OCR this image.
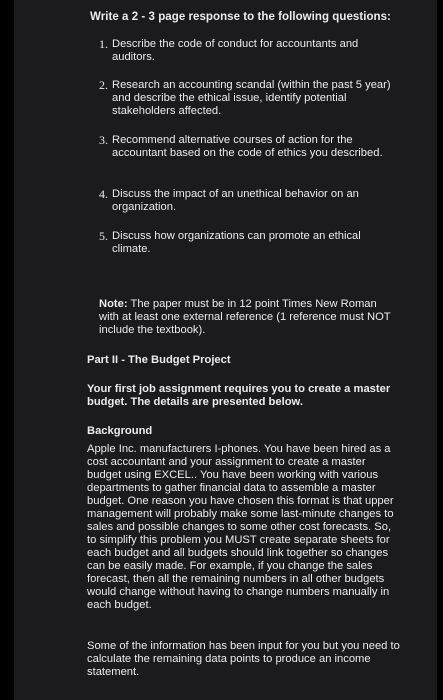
Write a 2 - 3 page response to the following questions:
1. Describe the code of conduct for accountants and auditors.
2. Research an accounting scandal (within the past 5 year) and describe the ethical issue, identify potential stakeholders affected.
3. Recommend alternative courses of action for the accountant based on the code of ethics you described.
4. Discuss the impact of an unethical behavior on an organization.
5. Discuss how organizations can promote an ethical climate.
Note: The paper must be in 12 point Times New Roman with at least one external reference (1 reference must NOT include the textbook).
Part II - The Budget Project
Your first job assignment requires you to create a master budget. The details are presented below.
Background
Apple Inc. manufacturers I-phones. You have been hired as a cost accountant and your assignment to create a master budget using EXCEL.. You have been working with various departments to gather financial data to assemble a master budget. One reason you have chosen this format is that upper management will probably make some last-minute changes to sales and possible changes to some other cost forecasts. So, to simplify this problem you MUST create separate sheets for each budget and all budgets should link together so changes can be easily made. For example, if you change the sales forecast, then all the remaining numbers in all other budgets would change without having to change numbers manually in each budget.
Some of the information has been input for you but you need to calculate the remaining data points to produce an income statement.
